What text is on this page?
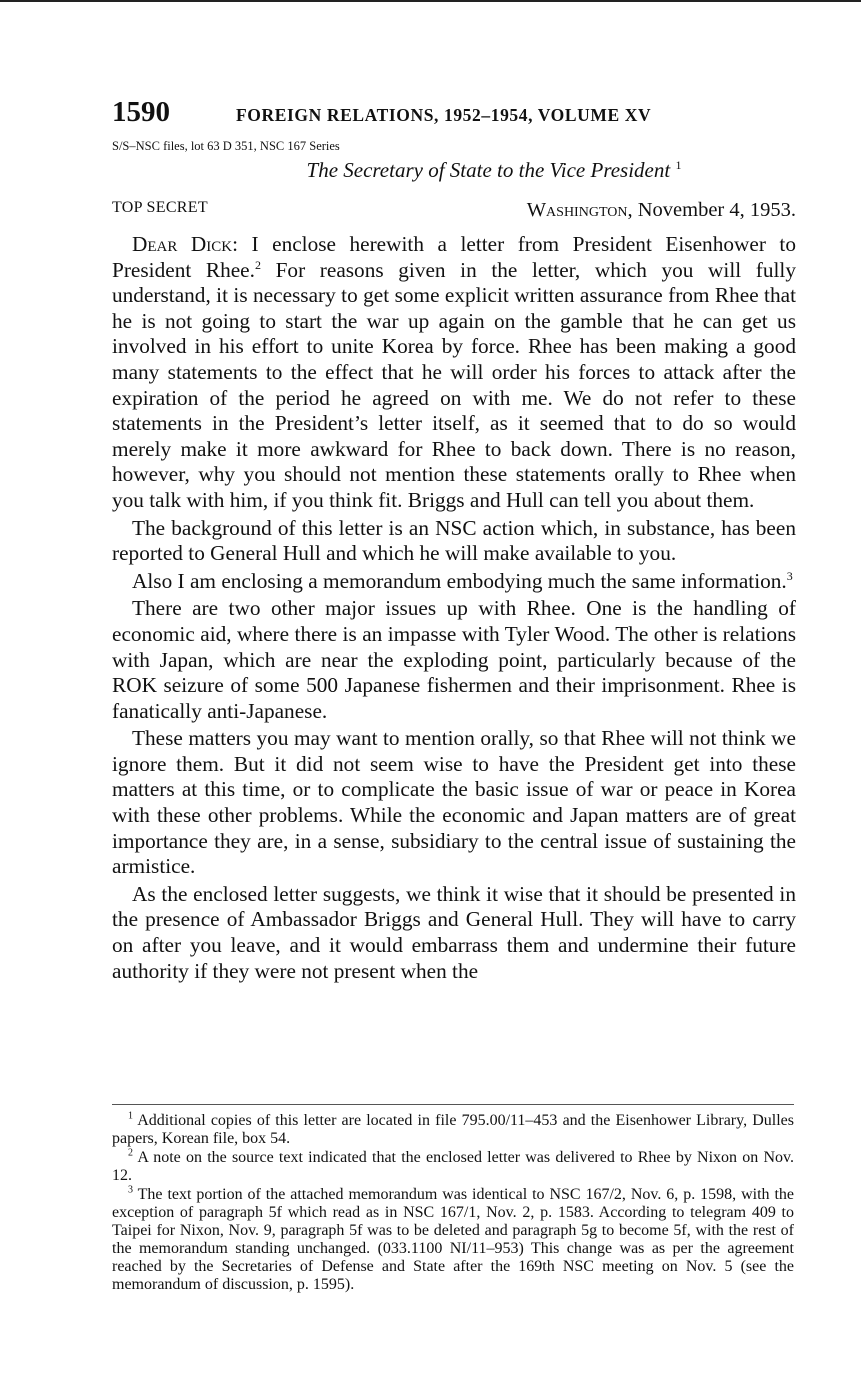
1590	FOREIGN RELATIONS, 1952–1954, VOLUME XV
S/S–NSC files, lot 63 D 351, NSC 167 Series
The Secretary of State to the Vice President $^1$
TOP SECRET	Washington, November 4, 1953.

Dear Dick: I enclose herewith a letter from President Eisenhower to President Rhee.$^2$ For reasons given in the letter, which you will fully understand, it is necessary to get some explicit written assurance from Rhee that he is not going to start the war up again on the gamble that he can get us involved in his effort to unite Korea by force. Rhee has been making a good many statements to the effect that he will order his forces to attack after the expiration of the period he agreed on with me. We do not refer to these statements in the President’s letter itself, as it seemed that to do so would merely make it more awkward for Rhee to back down. There is no reason, however, why you should not mention these statements orally to Rhee when you talk with him, if you think fit. Briggs and Hull can tell you about them.

The background of this letter is an NSC action which, in substance, has been reported to General Hull and which he will make available to you.

Also I am enclosing a memorandum embodying much the same information.$^3$

There are two other major issues up with Rhee. One is the handling of economic aid, where there is an impasse with Tyler Wood. The other is relations with Japan, which are near the exploding point, particularly because of the ROK seizure of some 500 Japanese fishermen and their imprisonment. Rhee is fanatically anti-Japanese.

These matters you may want to mention orally, so that Rhee will not think we ignore them. But it did not seem wise to have the President get into these matters at this time, or to complicate the basic issue of war or peace in Korea with these other problems. While the economic and Japan matters are of great importance they are, in a sense, subsidiary to the central issue of sustaining the armistice.

As the enclosed letter suggests, we think it wise that it should be presented in the presence of Ambassador Briggs and General Hull. They will have to carry on after you leave, and it would embarrass them and undermine their future authority if they were not present when the

$^1$ Additional copies of this letter are located in file 795.00/11–453 and the Eisenhower Library, Dulles papers, Korean file, box 54.

$^2$ A note on the source text indicated that the enclosed letter was delivered to Rhee by Nixon on Nov. 12.

$^3$ The text portion of the attached memorandum was identical to NSC 167/2, Nov. 6, p. 1598, with the exception of paragraph 5f which read as in NSC 167/1, Nov. 2, p. 1583. According to telegram 409 to Taipei for Nixon, Nov. 9, paragraph 5f was to be deleted and paragraph 5g to become 5f, with the rest of the memorandum standing unchanged. (033.1100 NI/11–953) This change was as per the agreement reached by the Secretaries of Defense and State after the 169th NSC meeting on Nov. 5 (see the memorandum of discussion, p. 1595).
